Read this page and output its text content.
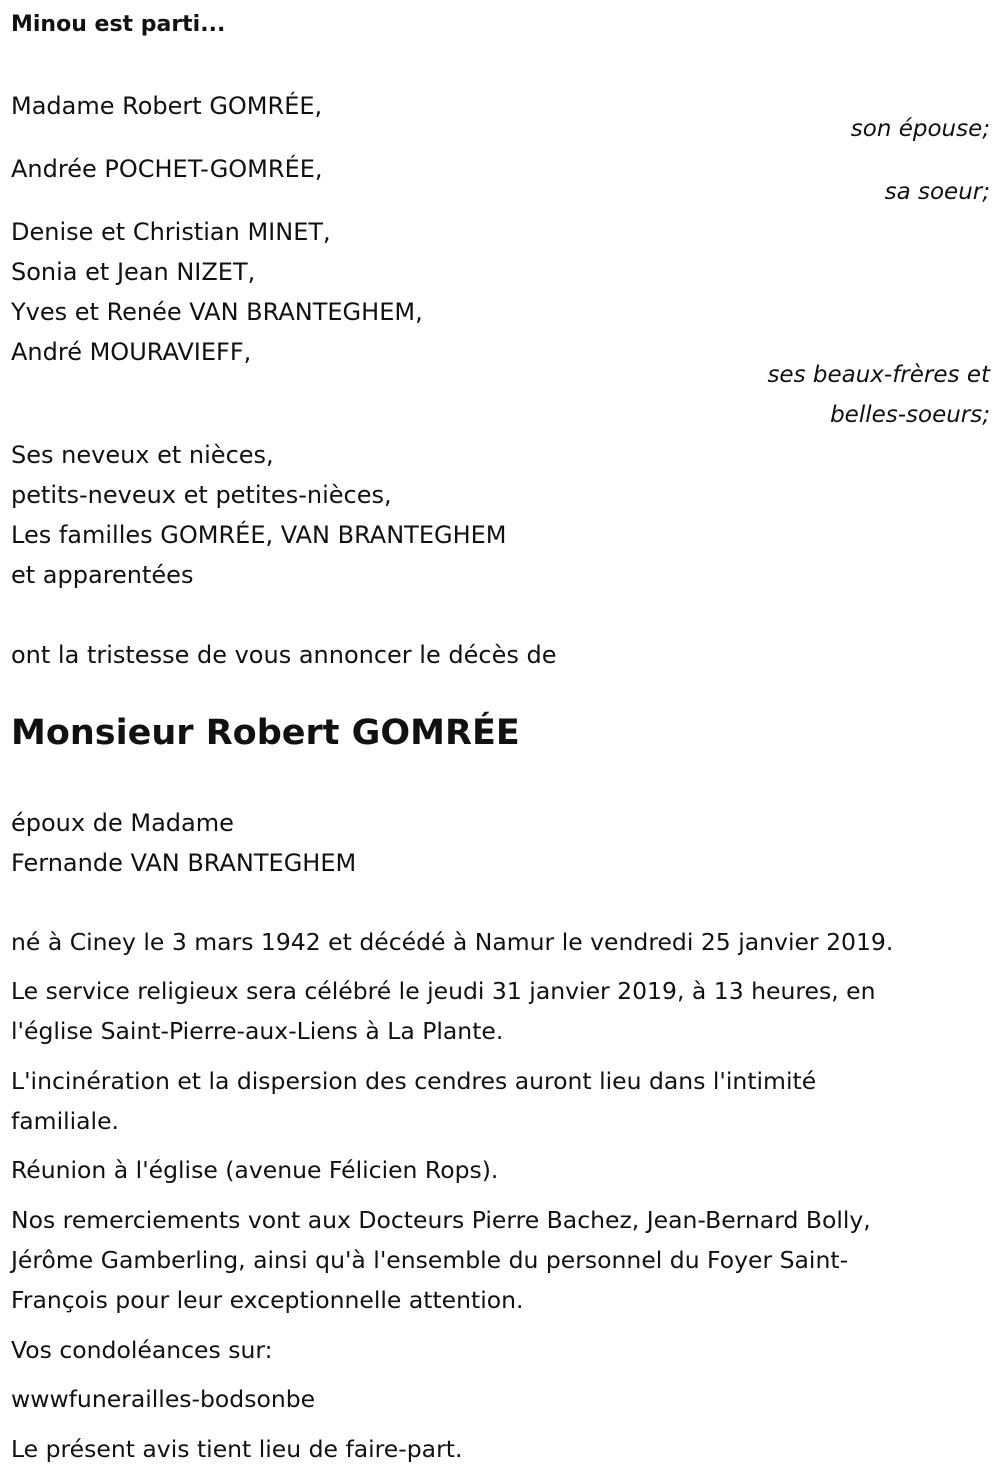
Minou est parti...
Madame Robert GOMRÉE,
son épouse;
Andrée POCHET-GOMRÉE,
sa soeur;
Denise et Christian MINET,
Sonia et Jean NIZET,
Yves et Renée VAN BRANTEGHEM,
André MOURAVIEFF,
ses beaux-frères et
belles-soeurs;
Ses neveux et nièces,
petits-neveux et petites-nièces,
Les familles GOMRÉE, VAN BRANTEGHEM
et apparentées
ont la tristesse de vous annoncer le décès de
Monsieur Robert GOMRÉE
époux de Madame
Fernande VAN BRANTEGHEM
né à Ciney le 3 mars 1942 et décédé à Namur le vendredi 25 janvier 2019.
Le service religieux sera célébré le jeudi 31 janvier 2019, à 13 heures, en
l'église Saint-Pierre-aux-Liens à La Plante.
L'incinération et la dispersion des cendres auront lieu dans l'intimité
familiale.
Réunion à l'église (avenue Félicien Rops).
Nos remerciements vont aux Docteurs Pierre Bachez, Jean-Bernard Bolly,
Jérôme Gamberling, ainsi qu'à l'ensemble du personnel du Foyer Saint-
François pour leur exceptionnelle attention.
Vos condoléances sur:
wwwfunerailles-bodsonbe
Le présent avis tient lieu de faire-part.
